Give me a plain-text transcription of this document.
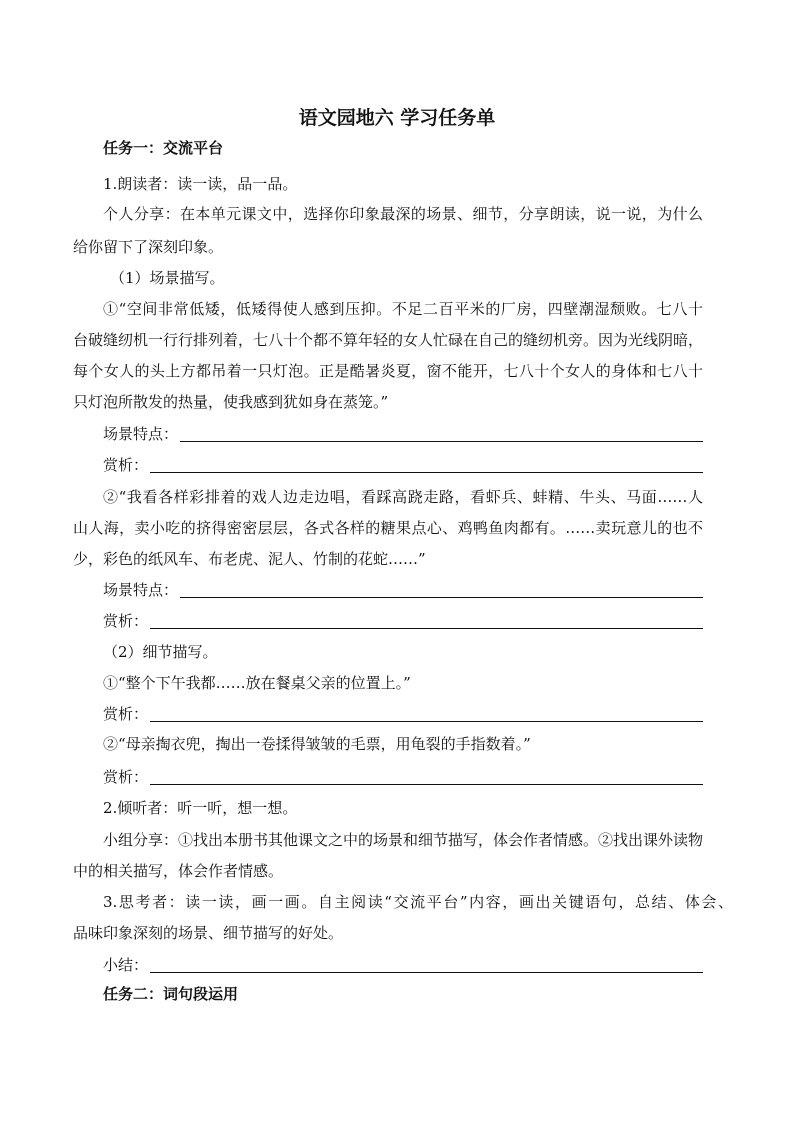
语文园地六 学习任务单
任务一：交流平台
1.朗读者：读一读，品一品。
个人分享：在本单元课文中，选择你印象最深的场景、细节，分享朗读，说一说，为什么
给你留下了深刻印象。
（1）场景描写。
①“空间非常低矮，低矮得使人感到压抑。不足二百平米的厂房，四壁潮湿颓败。七八十
台破缝纫机一行行排列着，七八十个都不算年轻的女人忙碌在自己的缝纫机旁。因为光线阴暗，
每个女人的头上方都吊着一只灯泡。正是酷暑炎夏，窗不能开，七八十个女人的身体和七八十
只灯泡所散发的热量，使我感到犹如身在蒸笼。”
场景特点：
赏析：
②“我看各样彩排着的戏人边走边唱，看踩高跷走路，看虾兵、蚌精、牛头、马面……人
山人海，卖小吃的挤得密密层层，各式各样的糖果点心、鸡鸭鱼肉都有。……卖玩意儿的也不
少，彩色的纸风车、布老虎、泥人、竹制的花蛇……”
场景特点：
赏析：
（2）细节描写。
①“整个下午我都……放在餐桌父亲的位置上。”
赏析：
②“母亲掏衣兜，掏出一卷揉得皱皱的毛票，用龟裂的手指数着。”
赏析：
2.倾听者：听一听，想一想。
小组分享：①找出本册书其他课文之中的场景和细节描写，体会作者情感。②找出课外读物
中的相关描写，体会作者情感。
3.思考者：读一读，画一画。自主阅读“交流平台”内容，画出关键语句，总结、体会、
品味印象深刻的场景、细节描写的好处。
小结：
任务二：词句段运用
